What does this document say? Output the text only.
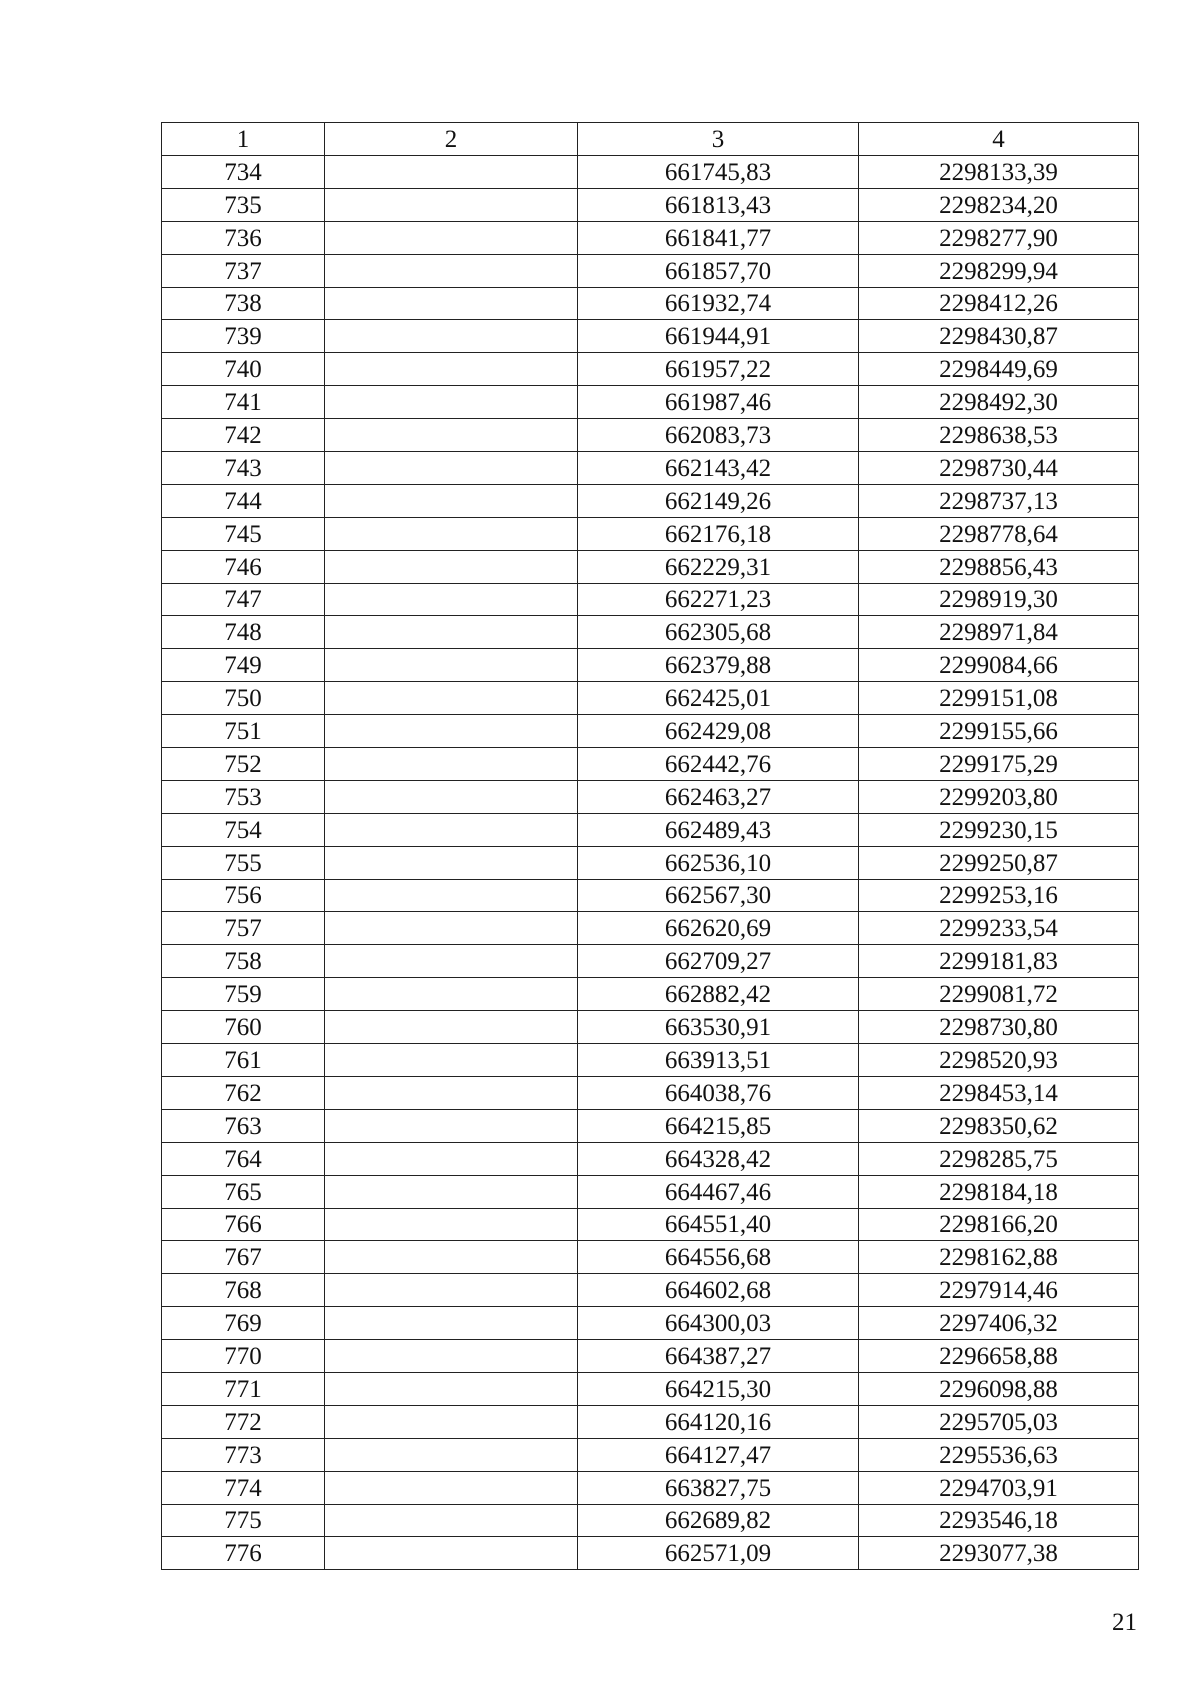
1	2	3	4
734		661745,83	2298133,39
735		661813,43	2298234,20
736		661841,77	2298277,90
737		661857,70	2298299,94
738		661932,74	2298412,26
739		661944,91	2298430,87
740		661957,22	2298449,69
741		661987,46	2298492,30
742		662083,73	2298638,53
743		662143,42	2298730,44
744		662149,26	2298737,13
745		662176,18	2298778,64
746		662229,31	2298856,43
747		662271,23	2298919,30
748		662305,68	2298971,84
749		662379,88	2299084,66
750		662425,01	2299151,08
751		662429,08	2299155,66
752		662442,76	2299175,29
753		662463,27	2299203,80
754		662489,43	2299230,15
755		662536,10	2299250,87
756		662567,30	2299253,16
757		662620,69	2299233,54
758		662709,27	2299181,83
759		662882,42	2299081,72
760		663530,91	2298730,80
761		663913,51	2298520,93
762		664038,76	2298453,14
763		664215,85	2298350,62
764		664328,42	2298285,75
765		664467,46	2298184,18
766		664551,40	2298166,20
767		664556,68	2298162,88
768		664602,68	2297914,46
769		664300,03	2297406,32
770		664387,27	2296658,88
771		664215,30	2296098,88
772		664120,16	2295705,03
773		664127,47	2295536,63
774		663827,75	2294703,91
775		662689,82	2293546,18
776		662571,09	2293077,38
21
